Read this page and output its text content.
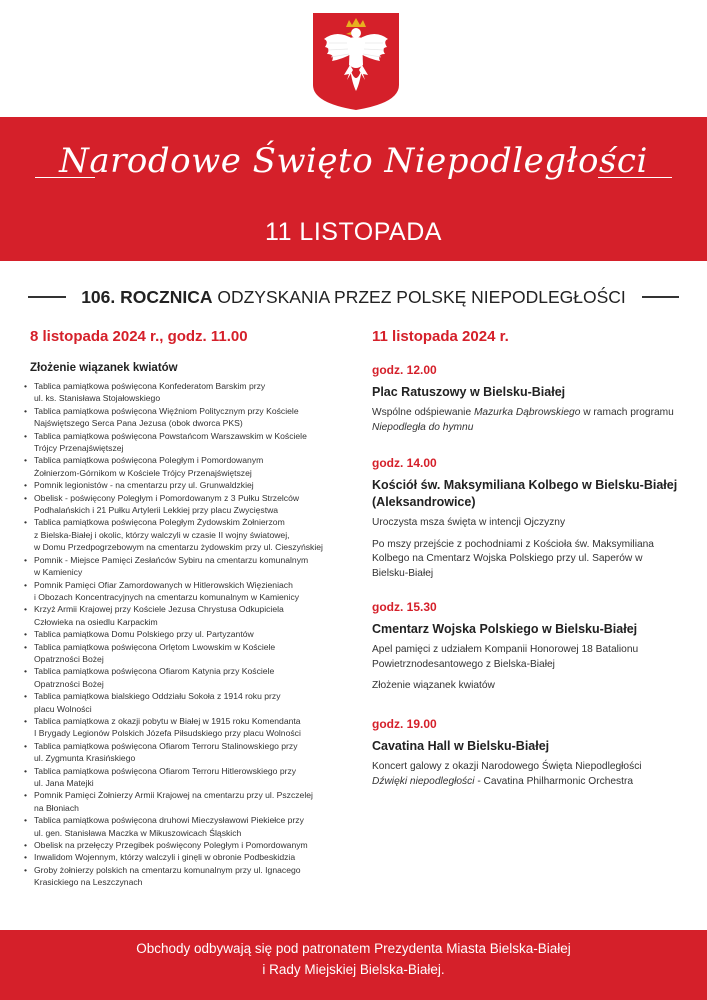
Narodowe Święto Niepodległości
11 LISTOPADA
106. ROCZNICA ODZYSKANIA PRZEZ POLSKĘ NIEPODLEGŁOŚCI
8 listopada 2024 r., godz. 11.00	11 listopada 2024 r.
Złożenie wiązanek kwiatów
• Tablica pamiątkowa poświęcona Konfederatom Barskim przy
ul. ks. Stanisława Stojałowskiego
• Tablica pamiątkowa poświęcona Więźniom Politycznym przy Kościele
Najświętszego Serca Pana Jezusa (obok dworca PKS)
• Tablica pamiątkowa poświęcona Powstańcom Warszawskim w Kościele
Trójcy Przenajświętszej
• Tablica pamiątkowa poświęcona Poległym i Pomordowanym
Żołnierzom-Górnikom w Kościele Trójcy Przenajświętszej
• Pomnik legionistów - na cmentarzu przy ul. Grunwaldzkiej
• Obelisk - poświęcony Poległym i Pomordowanym z 3 Pułku Strzelców
Podhalańskich i 21 Pułku Artylerii Lekkiej przy placu Zwycięstwa
• Tablica pamiątkowa poświęcona Poległym Żydowskim Żołnierzom
z Bielska-Białej i okolic, którzy walczyli w czasie II wojny światowej,
w Domu Przedpogrzebowym na cmentarzu żydowskim przy ul. Cieszyńskiej
• Pomnik - Miejsce Pamięci Zesłańców Sybiru na cmentarzu komunalnym
w Kamienicy
• Pomnik Pamięci Ofiar Zamordowanych w Hitlerowskich Więzieniach
i Obozach Koncentracyjnych na cmentarzu komunalnym w Kamienicy
• Krzyż Armii Krajowej przy Kościele Jezusa Chrystusa Odkupiciela
Człowieka na osiedlu Karpackim
• Tablica pamiątkowa Domu Polskiego przy ul. Partyzantów
• Tablica pamiątkowa poświęcona Orlętom Lwowskim w Kościele
Opatrzności Bożej
• Tablica pamiątkowa poświęcona Ofiarom Katynia przy Kościele
Opatrzności Bożej
• Tablica pamiątkowa bialskiego Oddziału Sokoła z 1914 roku przy
placu Wolności
• Tablica pamiątkowa z okazji pobytu w Białej w 1915 roku Komendanta
I Brygady Legionów Polskich Józefa Piłsudskiego przy placu Wolności
• Tablica pamiątkowa poświęcona Ofiarom Terroru Stalinowskiego przy
ul. Zygmunta Krasińskiego
• Tablica pamiątkowa poświęcona Ofiarom Terroru Hitlerowskiego przy
ul. Jana Matejki
• Pomnik Pamięci Żołnierzy Armii Krajowej na cmentarzu przy ul. Pszczelej
na Błoniach
• Tablica pamiątkowa poświęcona druhowi Mieczysławowi Piekiełce przy
ul. gen. Stanisława Maczka w Mikuszowicach Śląskich
• Obelisk na przełęczy Przegibek poświęcony Poległym i Pomordowanym
• Inwalidom Wojennym, którzy walczyli i ginęli w obronie Podbeskidzia
• Groby żołnierzy polskich na cmentarzu komunalnym przy ul. Ignacego
Krasickiego na Leszczynach
godz. 12.00
Plac Ratuszowy w Bielsku-Białej
Wspólne odśpiewanie Mazurka Dąbrowskiego w ramach programu Niepodległa do hymnu
godz. 14.00
Kościół św. Maksymiliana Kolbego w Bielsku-Białej
(Aleksandrowice)
Uroczysta msza święta w intencji Ojczyzny
Po mszy przejście z pochodniami z Kościoła św. Maksymiliana Kolbego na Cmentarz Wojska Polskiego przy ul. Saperów w Bielsku-Białej
godz. 15.30
Cmentarz Wojska Polskiego w Bielsku-Białej
Apel pamięci z udziałem Kompanii Honorowej 18 Batalionu Powietrznodesantowego z Bielska-Białej
Złożenie wiązanek kwiatów
godz. 19.00
Cavatina Hall w Bielsku-Białej
Koncert galowy z okazji Narodowego Święta Niepodległości
Dźwięki niepodległości - Cavatina Philharmonic Orchestra
Obchody odbywają się pod patronatem Prezydenta Miasta Bielska-Białej
i Rady Miejskiej Bielska-Białej.
